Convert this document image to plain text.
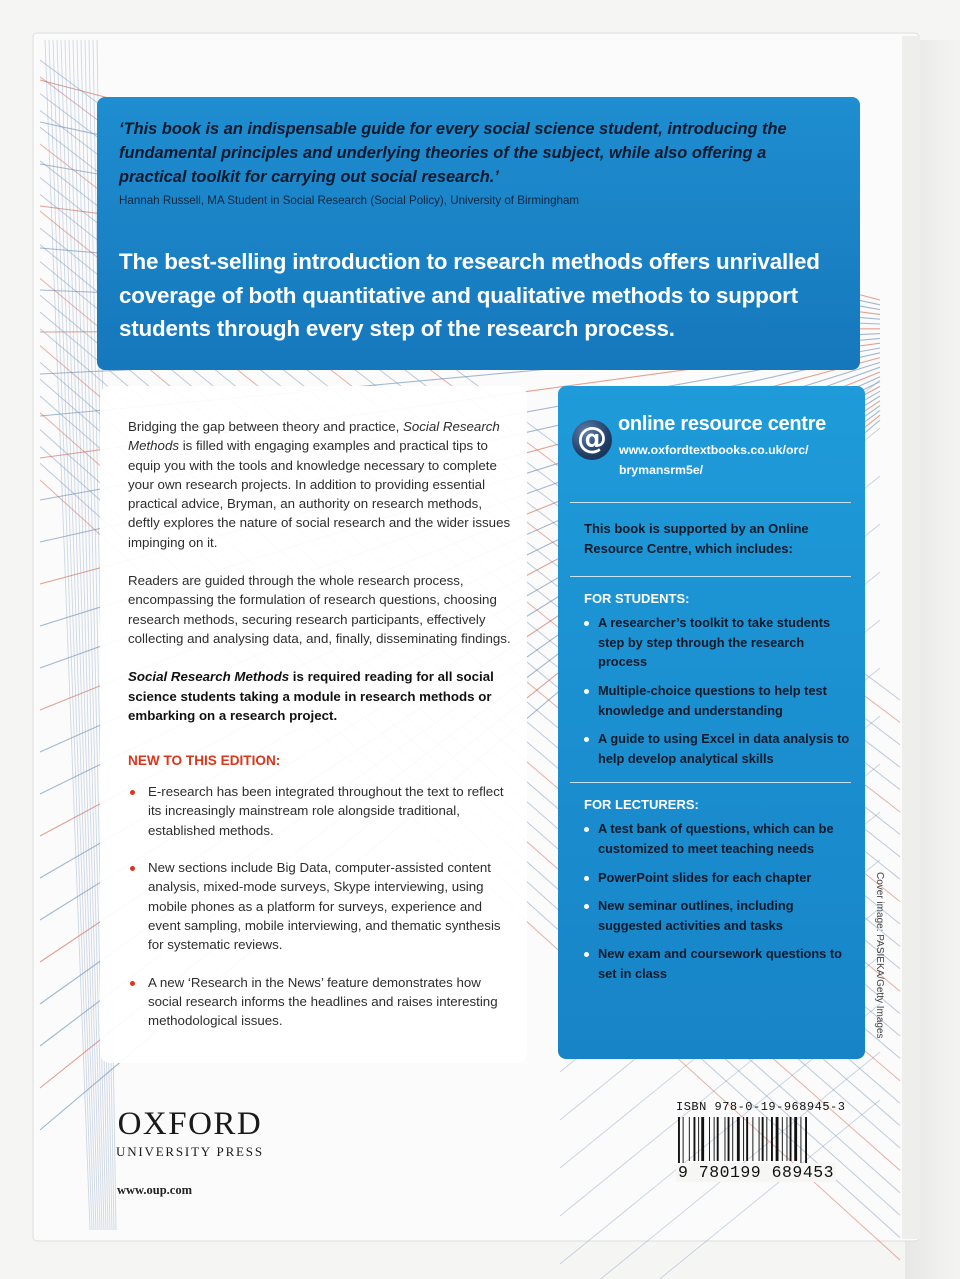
‘This book is an indispensable guide for every social science student, introducing the fundamental principles and underlying theories of the subject, while also offering a practical toolkit for carrying out social research.’

Hannah Russell, MA Student in Social Research (Social Policy), University of Birmingham
The best-selling introduction to research methods offers unrivalled coverage of both quantitative and qualitative methods to support students through every step of the research process.

Bridging the gap between theory and practice, Social Research Methods is filled with engaging examples and practical tips to equip you with the tools and knowledge necessary to complete your own research projects. In addition to providing essential practical advice, Bryman, an authority on research methods, deftly explores the nature of social research and the wider issues impinging on it.

Readers are guided through the whole research process, encompassing the formulation of research questions, choosing research methods, securing research participants, effectively collecting and analysing data, and, finally, disseminating findings.

Social Research Methods is required reading for all social science students taking a module in research methods or embarking on a research project.

NEW TO THIS EDITION:
E-research has been integrated throughout the text to reflect its increasingly mainstream role alongside traditional, established methods.
New sections include Big Data, computer-assisted content analysis, mixed-mode surveys, Skype interviewing, using mobile phones as a platform for surveys, experience and event sampling, mobile interviewing, and thematic synthesis for systematic reviews.
A new ‘Research in the News’ feature demonstrates how social research informs the headlines and raises interesting methodological issues.
@ online resource centre
www.oxfordtextbooks.co.uk/orc/ brymansrm5e/
This book is supported by an Online Resource Centre, which includes:
FOR STUDENTS:
A researcher’s toolkit to take students step by step through the research process
Multiple-choice questions to help test knowledge and understanding
A guide to using Excel in data analysis to help develop analytical skills
FOR LECTURERS:
A test bank of questions, which can be customized to meet teaching needs
PowerPoint slides for each chapter
New seminar outlines, including suggested activities and tasks
New exam and coursework questions to set in class
OXFORD
UNIVERSITY PRESS
www.oup.com
ISBN 978-0-19-968945-3
9 780199 689453
Cover image: PASIEKA/Getty Images
